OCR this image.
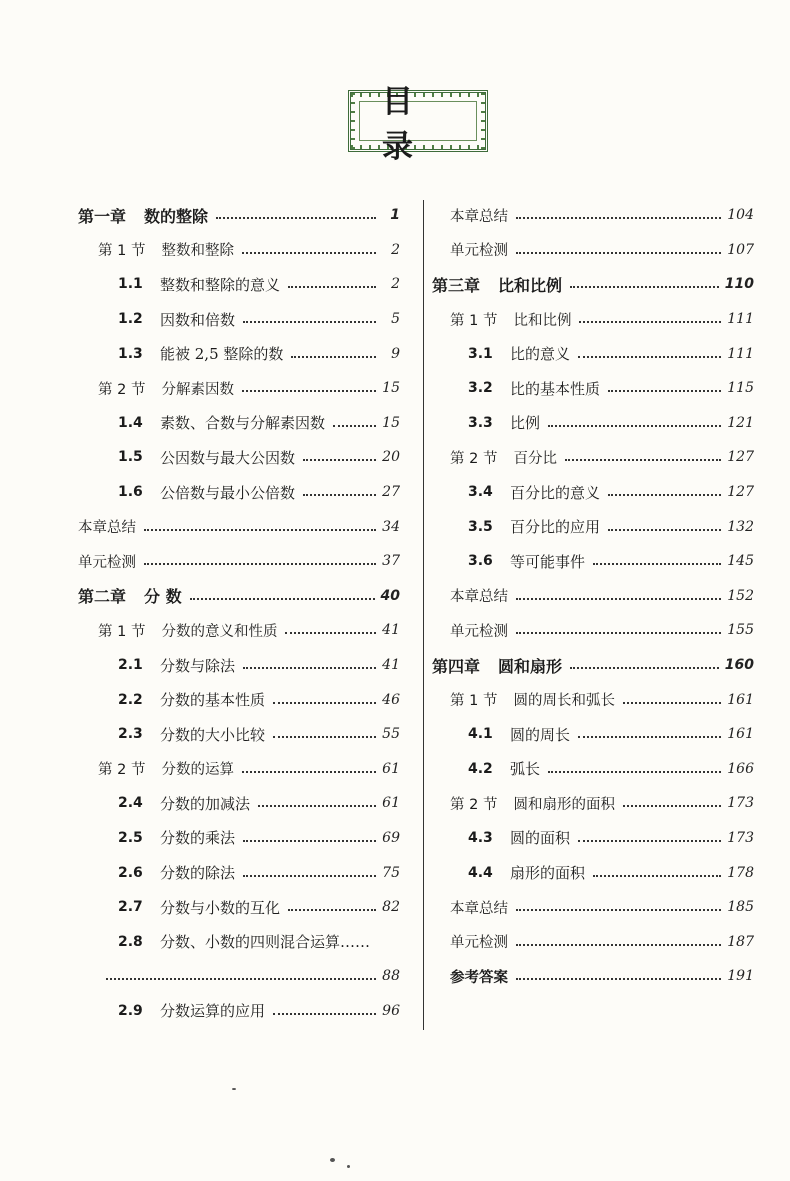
目 录
第一章 数的整除	1
第 1 节 整数和整除	2
1.1	整数和整除的意义	2
1.2	因数和倍数	5
1.3	能被 2,5 整除的数	9
第 2 节 分解素因数	15
1.4	素数、合数与分解素因数	15
1.5	公因数与最大公因数	20
1.6	公倍数与最小公倍数	27
本章总结	34
单元检测	37
第二章 分 数	40
第 1 节 分数的意义和性质	41
2.1	分数与除法	41
2.2	分数的基本性质	46
2.3	分数的大小比较	55
第 2 节 分数的运算	61
2.4	分数的加减法	61
2.5	分数的乘法	69
2.6	分数的除法	75
2.7	分数与小数的互化	82
2.8	分数、小数的四则混合运算……
88
2.9	分数运算的应用	96
本章总结	104
单元检测	107
第三章 比和比例	110
第 1 节 比和比例	111
3.1	比的意义	111
3.2	比的基本性质	115
3.3	比例	121
第 2 节 百分比	127
3.4	百分比的意义	127
3.5	百分比的应用	132
3.6	等可能事件	145
本章总结	152
单元检测	155
第四章 圆和扇形	160
第 1 节 圆的周长和弧长	161
4.1	圆的周长	161
4.2	弧长	166
第 2 节 圆和扇形的面积	173
4.3	圆的面积	173
4.4	扇形的面积	178
本章总结	185
单元检测	187
参考答案	191
